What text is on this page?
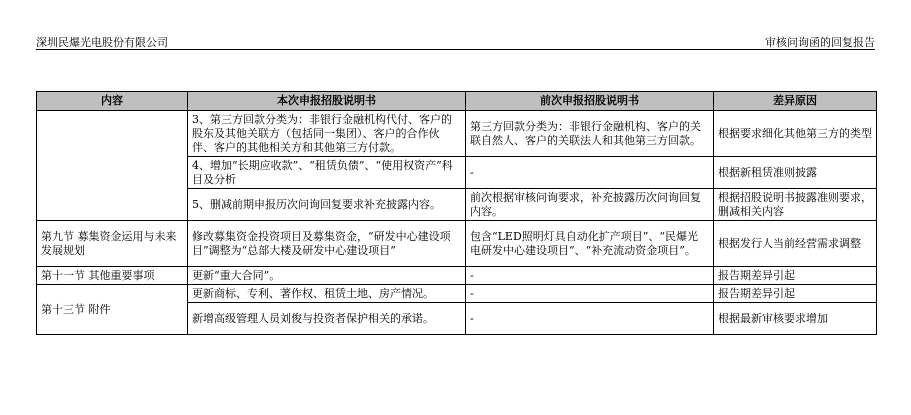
深圳民爆光电股份有限公司	审核问询函的回复报告
内容	本次申报招股说明书	前次申报招股说明书	差异原因
	3、第三方回款分类为：非银行金融机构代付、客户的股东及其他关联方（包括同一集团）、客户的合作伙伴、客户的其他相关方和其他第三方付款。	第三方回款分类为：非银行金融机构、客户的关联自然人、客户的关联法人和其他第三方回款。	根据要求细化其他第三方的类型
	4、增加“长期应收款”、“租赁负债”、“使用权资产”科目及分析	-	根据新租赁准则披露
	5、删减前期申报历次问询回复要求补充披露内容。	前次根据审核问询要求，补充披露历次问询回复内容。	根据招股说明书披露准则要求，删减相关内容
第九节 募集资金运用与未来发展规划	修改募集资金投资项目及募集资金，“研发中心建设项目”调整为“总部大楼及研发中心建设项目”	包含“LED照明灯具自动化扩产项目”、“民爆光电研发中心建设项目”、“补充流动资金项目”。	根据发行人当前经营需求调整
第十一节 其他重要事项	更新“重大合同”。	-	报告期差异引起
第十三节 附件	更新商标、专利、著作权、租赁土地、房产情况。	-	报告期差异引起
	新增高级管理人员刘俊与投资者保护相关的承诺。	-	根据最新审核要求增加
